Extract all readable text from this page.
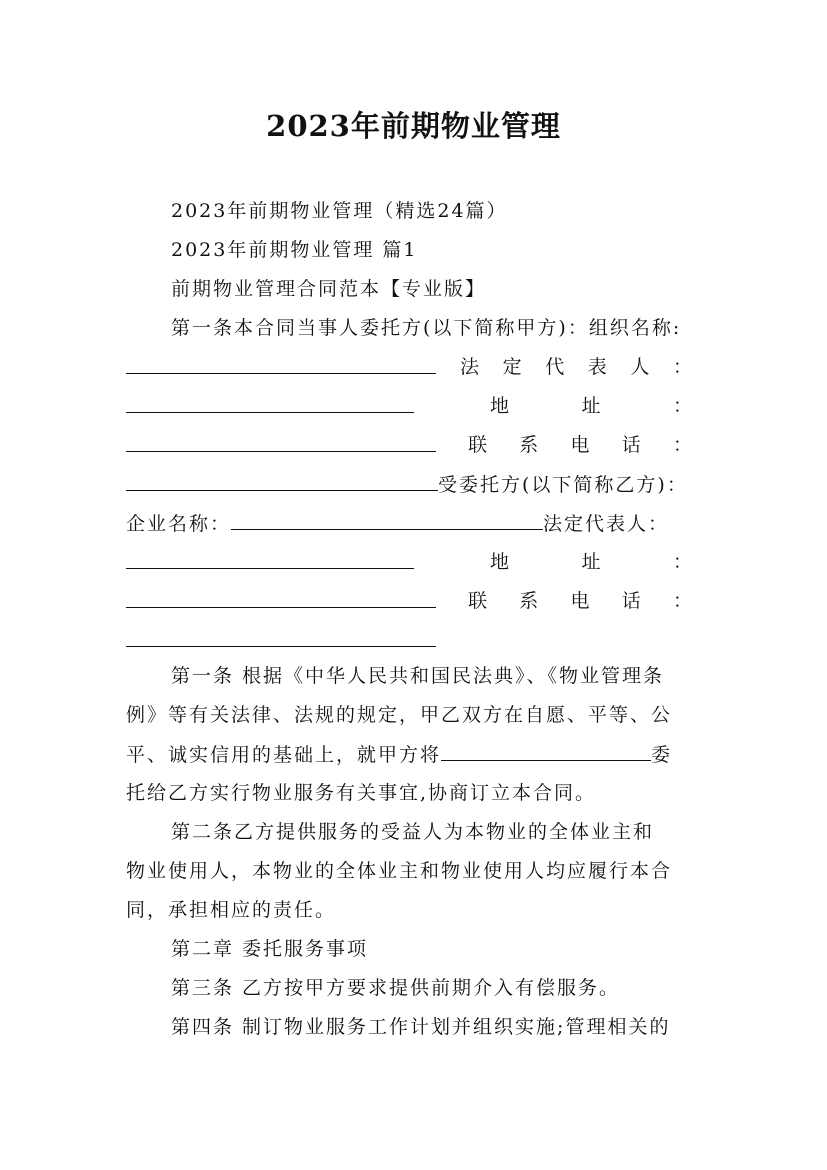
2023年前期物业管理
2023年前期物业管理（精选24篇）
2023年前期物业管理 篇1
前期物业管理合同范本【专业版】
第一条本合同当事人委托方(以下简称甲方)：组织名称:
法 定 代 表 人 ：
地	址	：
联 系 电 话 ：
受委托方(以下简称乙方)：
企业名称：	法定代表人：
地	址	：
联 系 电 话 ：
第一条 根据《中华人民共和国民法典》、《物业管理条
例》等有关法律、法规的规定，甲乙双方在自愿、平等、公
平、诚实信用的基础上，就甲方将	委
托给乙方实行物业服务有关事宜,协商订立本合同。
第二条乙方提供服务的受益人为本物业的全体业主和
物业使用人，本物业的全体业主和物业使用人均应履行本合
同，承担相应的责任。
第二章 委托服务事项
第三条 乙方按甲方要求提供前期介入有偿服务。
第四条 制订物业服务工作计划并组织实施;管理相关的
